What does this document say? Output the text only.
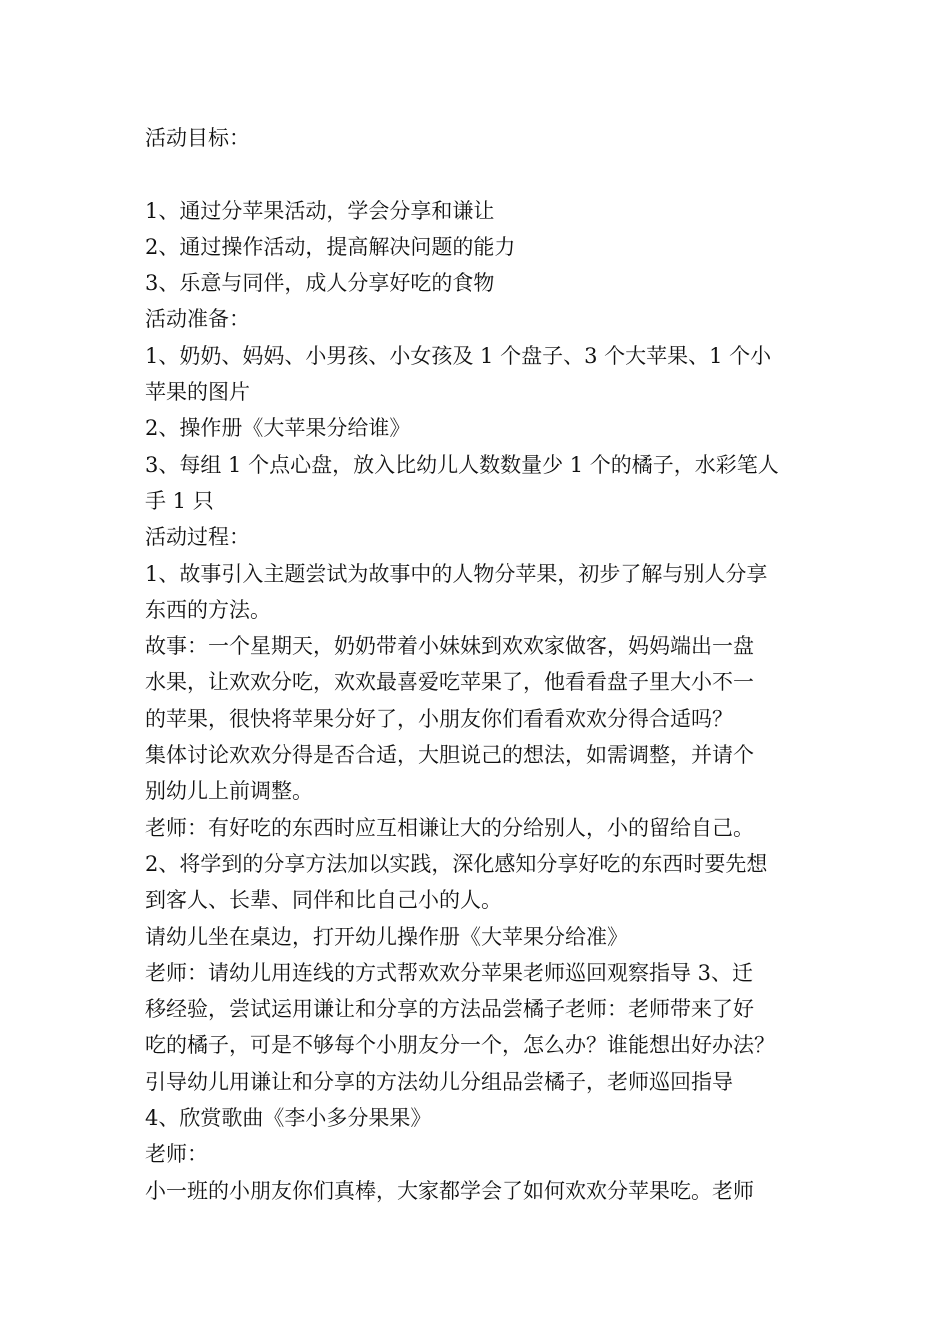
活动目标：
1、通过分苹果活动，学会分享和谦让
2、通过操作活动，提高解决问题的能力
3、乐意与同伴，成人分享好吃的食物
活动准备：
1、奶奶、妈妈、小男孩、小女孩及 1 个盘子、3 个大苹果、1 个小
苹果的图片
2、操作册《大苹果分给谁》
3、每组 1 个点心盘，放入比幼儿人数数量少 1 个的橘子，水彩笔人
手 1 只
活动过程：
1、故事引入主题尝试为故事中的人物分苹果，初步了解与别人分享
东西的方法。
故事：一个星期天，奶奶带着小妹妹到欢欢家做客，妈妈端出一盘
水果，让欢欢分吃，欢欢最喜爱吃苹果了，他看看盘子里大小不一
的苹果，很快将苹果分好了，小朋友你们看看欢欢分得合适吗？
集体讨论欢欢分得是否合适，大胆说己的想法，如需调整，并请个
别幼儿上前调整。
老师：有好吃的东西时应互相谦让大的分给别人，小的留给自己。
2、将学到的分享方法加以实践，深化感知分享好吃的东西时要先想
到客人、长辈、同伴和比自己小的人。
请幼儿坐在桌边，打开幼儿操作册《大苹果分给准》
老师：请幼儿用连线的方式帮欢欢分苹果老师巡回观察指导 3、迁
移经验，尝试运用谦让和分享的方法品尝橘子老师：老师带来了好
吃的橘子，可是不够每个小朋友分一个，怎么办？谁能想出好办法？
引导幼儿用谦让和分享的方法幼儿分组品尝橘子，老师巡回指导
4、欣赏歌曲《李小多分果果》
老师：
小一班的小朋友你们真棒，大家都学会了如何欢欢分苹果吃。老师
